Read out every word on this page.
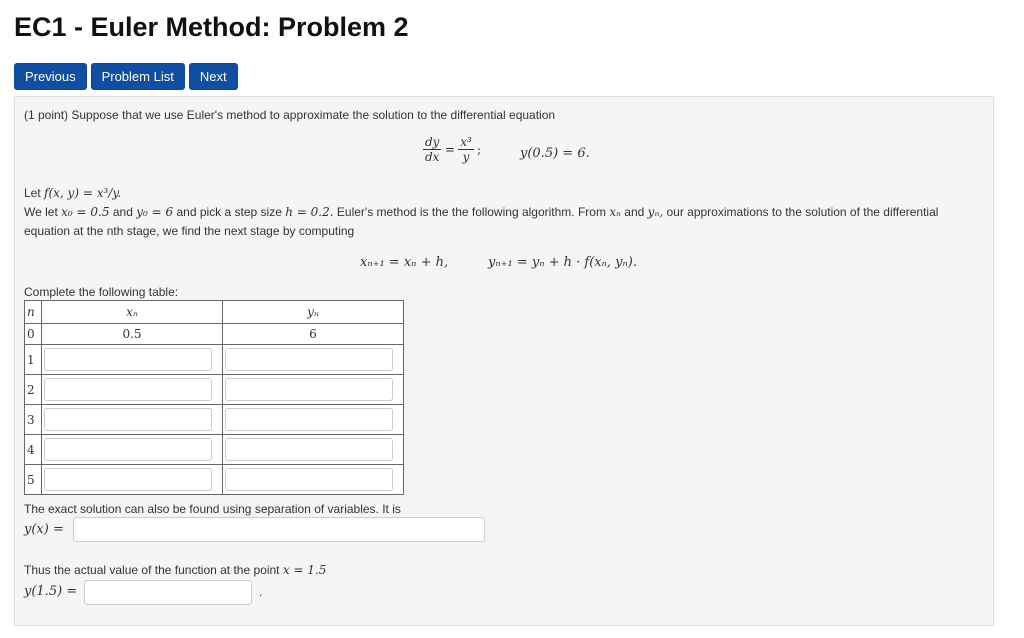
EC1 - Euler Method: Problem 2
Previous	Problem List	Next
(1 point) Suppose that we use Euler's method to approximate the solution to the differential equation
$\frac{dy}{dx} = \frac{\text{x³}}{y}$ ;	y(0.5) = 6.
Let f(x, y) = x³/y.
We let x₀ = 0.5 and y₀ = 6 and pick a step size h = 0.2. Euler's method is the the following algorithm. From xₙ and yₙ, our approximations to the solution of the differential
equation at the nth stage, we find the next stage by computing
xₙ₊₁ = xₙ + h,	yₙ₊₁ = yₙ + h · f(xₙ, yₙ).
Complete the following table:
n	xₙ	yₙ
0	0.5	6
1		
2		
3		
4		
5		
The exact solution can also be found using separation of variables. It is
y(x) =
Thus the actual value of the function at the point x = 1.5
y(1.5) =	.
